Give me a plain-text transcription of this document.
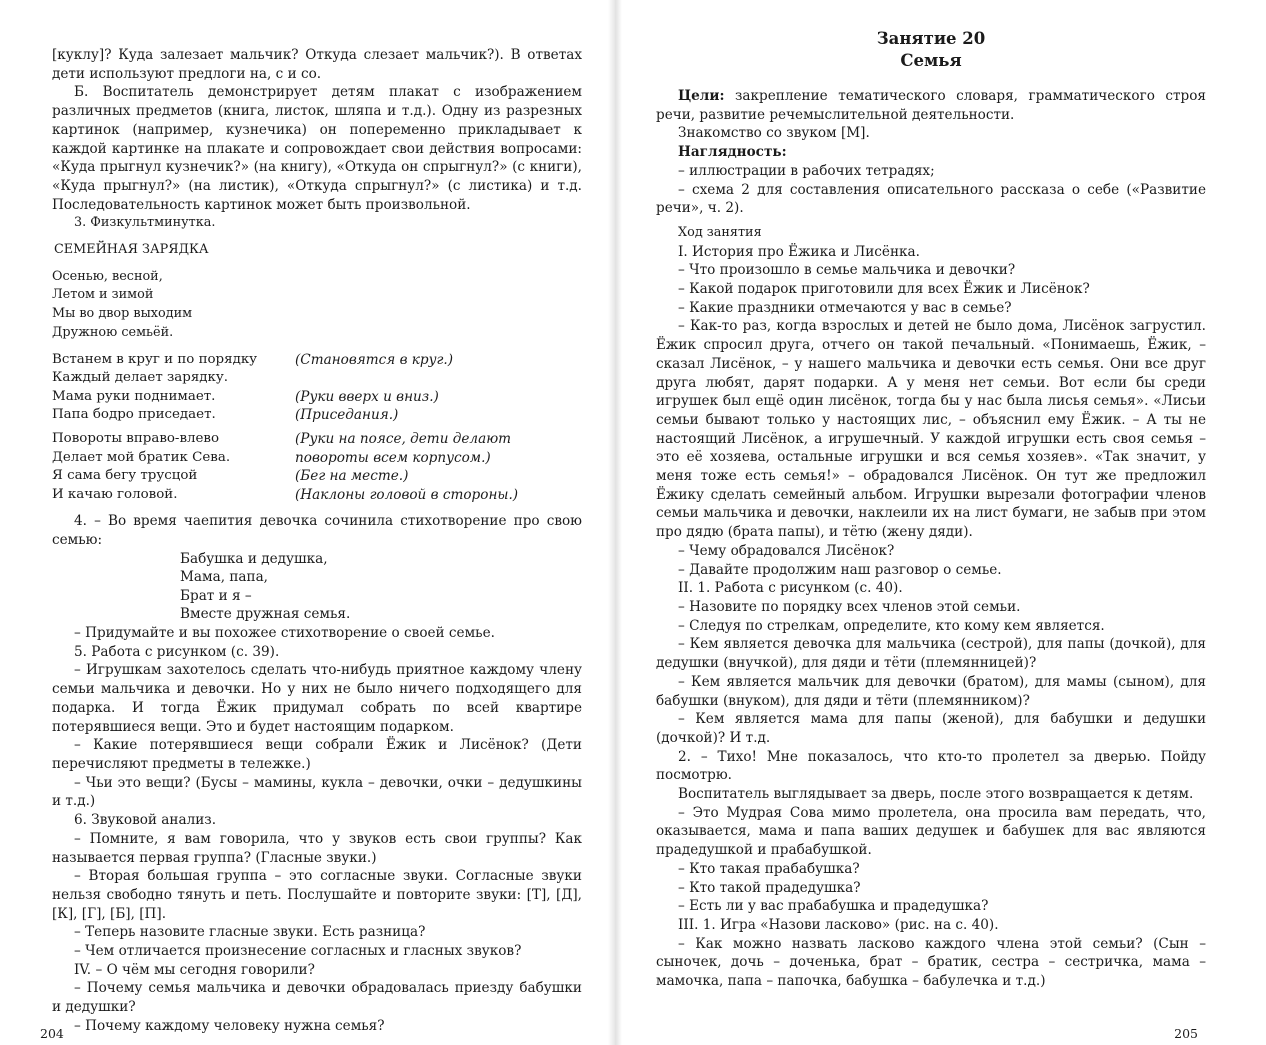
[куклу]? Куда залезает мальчик? Откуда слезает мальчик?). В ответах дети используют предлоги на, с и со.

Б. Воспитатель демонстрирует детям плакат с изображением различных предметов (книга, листок, шляпа и т.д.). Одну из разрезных картинок (например, кузнечика) он попеременно прикладывает к каждой картинке на плакате и сопровождает свои действия вопросами: «Куда прыгнул кузнечик?» (на книгу), «Откуда он спрыгнул?» (с книги), «Куда прыгнул?» (на листик), «Откуда спрыгнул?» (с листика) и т.д. Последовательность картинок может быть произвольной.

3. Физкультминутка.

СЕМЕЙНАЯ ЗАРЯДКА

Осенью, весной,

Летом и зимой

Мы во двор выходим

Дружною семьёй.

Встанем в круг и по порядку	(Становятся в круг.)
Каждый делает зарядку.
Мама руки поднимает.	(Руки вверх и вниз.)
Папа бодро приседает.	(Приседания.)
Повороты вправо-влево	(Руки на поясе, дети делают
Делает мой братик Сева.	повороты всем корпусом.)
Я сама бегу трусцой	(Бег на месте.)
И качаю головой.	(Наклоны головой в стороны.)

4. – Во время чаепития девочка сочинила стихотворение про свою семью:

Бабушка и дедушка,

Мама, папа,

Брат и я –

Вместе дружная семья.

– Придумайте и вы похожее стихотворение о своей семье.

5. Работа с рисунком (с. 39).

– Игрушкам захотелось сделать что-нибудь приятное каждому члену семьи мальчика и девочки. Но у них не было ничего подходящего для подарка. И тогда Ёжик придумал собрать по всей квартире потерявшиеся вещи. Это и будет настоящим подарком.

– Какие потерявшиеся вещи собрали Ёжик и Лисёнок? (Дети перечисляют предметы в тележке.)

– Чьи это вещи? (Бусы – мамины, кукла – девочки, очки – дедушкины и т.д.)

6. Звуковой анализ.

– Помните, я вам говорила, что у звуков есть свои группы? Как называется первая группа? (Гласные звуки.)

– Вторая большая группа – это согласные звуки. Согласные звуки нельзя свободно тянуть и петь. Послушайте и повторите звуки: [Т], [Д], [К], [Г], [Б], [П].

– Теперь назовите гласные звуки. Есть разница?

– Чем отличается произнесение согласных и гласных звуков?

IV. – О чём мы сегодня говорили?

– Почему семья мальчика и девочки обрадовалась приезду бабушки и дедушки?

– Почему каждому человеку нужна семья?

204

Занятие 20

Семья

Цели: закрепление тематического словаря, грамматического строя речи, развитие речемыслительной деятельности.

Знакомство со звуком [М].

Наглядность:

– иллюстрации в рабочих тетрадях;

– схема 2 для составления описательного рассказа о себе («Развитие речи», ч. 2).

Ход занятия

I. История про Ёжика и Лисёнка.

– Что произошло в семье мальчика и девочки?

– Какой подарок приготовили для всех Ёжик и Лисёнок?

– Какие праздники отмечаются у вас в семье?

– Как-то раз, когда взрослых и детей не было дома, Лисёнок загрустил. Ёжик спросил друга, отчего он такой печальный. «Понимаешь, Ёжик, – сказал Лисёнок, – у нашего мальчика и девочки есть семья. Они все друг друга любят, дарят подарки. А у меня нет семьи. Вот если бы среди игрушек был ещё один лисёнок, тогда бы у нас была лисья семья». «Лисьи семьи бывают только у настоящих лис, – объяснил ему Ёжик. – А ты не настоящий Лисёнок, а игрушечный. У каждой игрушки есть своя семья – это её хозяева, остальные игрушки и вся семья хозяев». «Так значит, у меня тоже есть семья!» – обрадовался Лисёнок. Он тут же предложил Ёжику сделать семейный альбом. Игрушки вырезали фотографии членов семьи мальчика и девочки, наклеили их на лист бумаги, не забыв при этом про дядю (брата папы), и тётю (жену дяди).

– Чему обрадовался Лисёнок?

– Давайте продолжим наш разговор о семье.

II. 1. Работа с рисунком (с. 40).

– Назовите по порядку всех членов этой семьи.

– Следуя по стрелкам, определите, кто кому кем является.

– Кем является девочка для мальчика (сестрой), для папы (дочкой), для дедушки (внучкой), для дяди и тёти (племянницей)?

– Кем является мальчик для девочки (братом), для мамы (сыном), для бабушки (внуком), для дяди и тёти (племянником)?

– Кем является мама для папы (женой), для бабушки и дедушки (дочкой)? И т.д.

2. – Тихо! Мне показалось, что кто-то пролетел за дверью. Пойду посмотрю.

Воспитатель выглядывает за дверь, после этого возвращается к детям.

– Это Мудрая Сова мимо пролетела, она просила вам передать, что, оказывается, мама и папа ваших дедушек и бабушек для вас являются прадедушкой и прабабушкой.

– Кто такая прабабушка?

– Кто такой прадедушка?

– Есть ли у вас прабабушка и прадедушка?

III. 1. Игра «Назови ласково» (рис. на с. 40).

– Как можно назвать ласково каждого члена этой семьи? (Сын – сыночек, дочь – доченька, брат – братик, сестра – сестричка, мама – мамочка, папа – папочка, бабушка – бабулечка и т.д.)

205
